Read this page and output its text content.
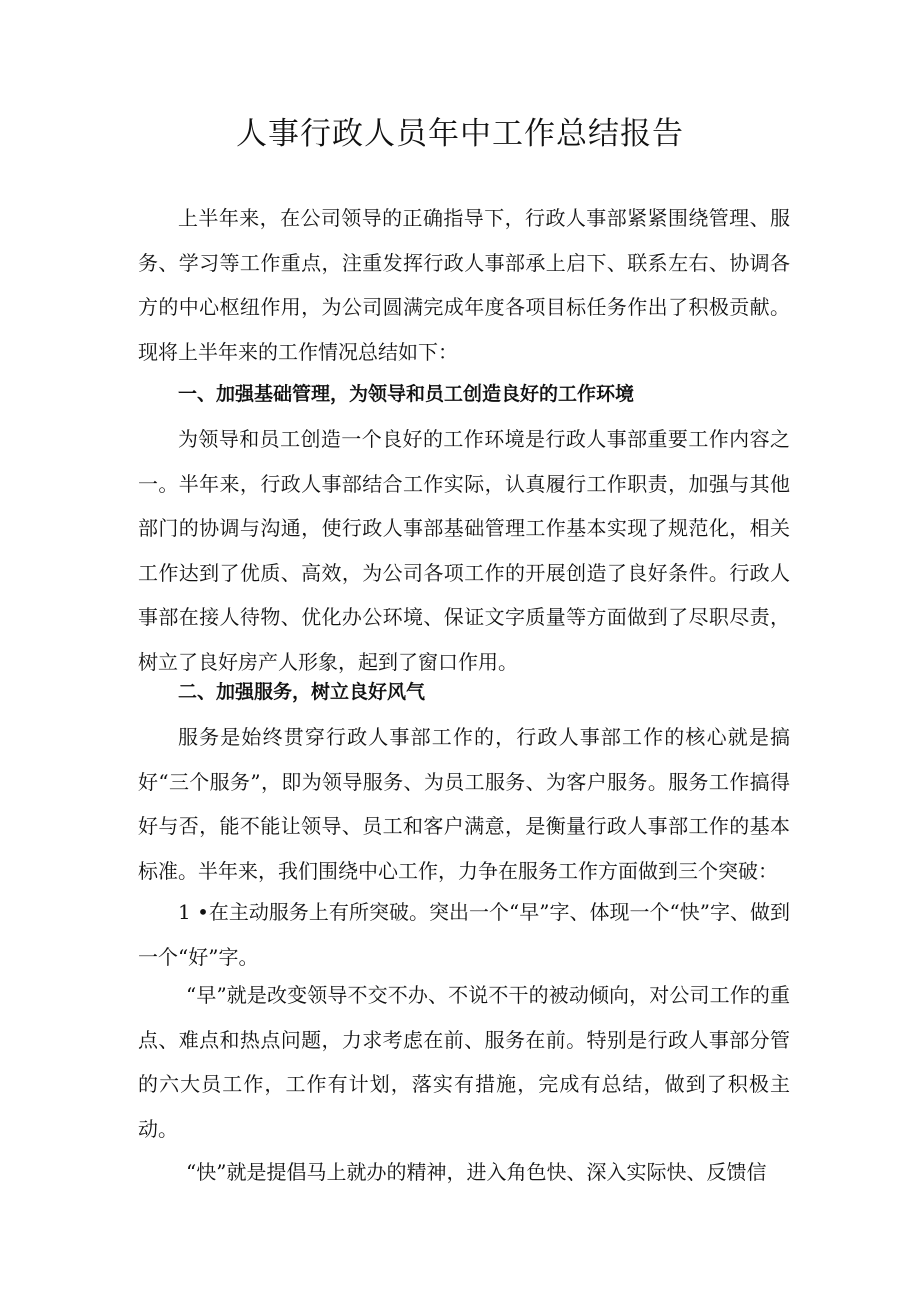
人事行政人员年中工作总结报告

上半年来，在公司领导的正确指导下，行政人事部紧紧围绕管理、服务、学习等工作重点，注重发挥行政人事部承上启下、联系左右、协调各方的中心枢纽作用，为公司圆满完成年度各项目标任务作出了积极贡献。现将上半年来的工作情况总结如下：

一、加强基础管理，为领导和员工创造良好的工作环境

为领导和员工创造一个良好的工作环境是行政人事部重要工作内容之一。半年来，行政人事部结合工作实际，认真履行工作职责，加强与其他部门的协调与沟通，使行政人事部基础管理工作基本实现了规范化，相关工作达到了优质、高效，为公司各项工作的开展创造了良好条件。行政人事部在接人待物、优化办公环境、保证文字质量等方面做到了尽职尽责，树立了良好房产人形象，起到了窗口作用。

二、加强服务，树立良好风气

服务是始终贯穿行政人事部工作的，行政人事部工作的核心就是搞好“三个服务”，即为领导服务、为员工服务、为客户服务。服务工作搞得好与否，能不能让领导、员工和客户满意，是衡量行政人事部工作的基本标准。半年来，我们围绕中心工作，力争在服务工作方面做到三个突破：

1 •在主动服务上有所突破。突出一个“早”字、体现一个“快”字、做到一个“好”字。

“早”就是改变领导不交不办、不说不干的被动倾向，对公司工作的重点、难点和热点问题，力求考虑在前、服务在前。特别是行政人事部分管的六大员工作，工作有计划，落实有措施，完成有总结，做到了积极主动。

“快”就是提倡马上就办的精神，进入角色快、深入实际快、反馈信
